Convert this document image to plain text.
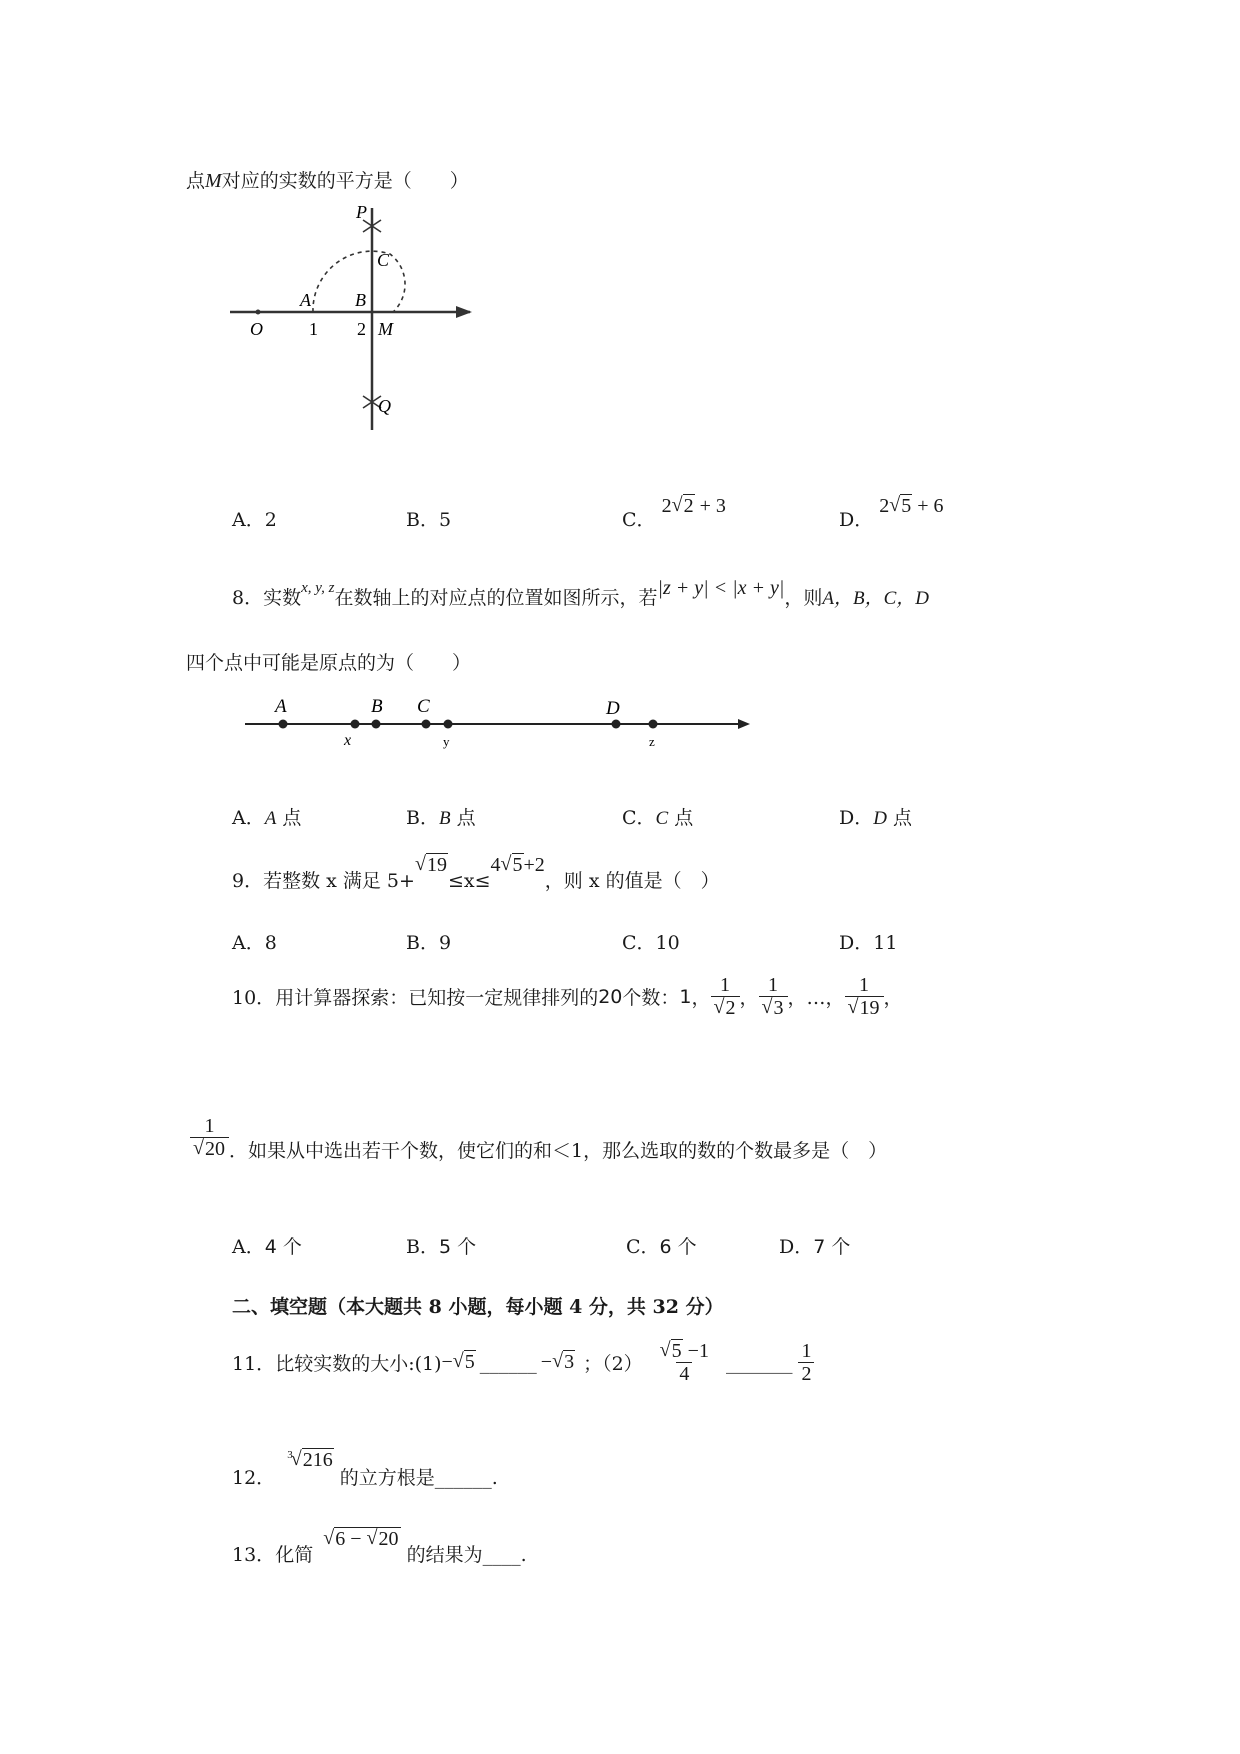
点M对应的实数的平方是（　　）
P
C
A B
O	1 2 M
Q
A．2	B．5	C． 2 √ 2 + 3
D． 2 √ 5 + 6
8．实数$^{x, y, z}$在数轴上的对应点的位置如图所示，若|z + y| < |x + y|，则A，B，C，D
四个点中可能是原点的为（　　）
A	B C	D
x	y	z
A．A 点	B．B 点	C．C 点	D．D 点
9．若整数 x 满足 5+√ 19≤x≤4 √ 5+2，则 x 的值是（　）
A．8	B．9	C．10	D．11
10． 用计算器探索：已知按一定规律排列的 20 个数： 1 ， 1
√ 2 ， 1
√ 3 ，…， 1
√ 19 ，
1
√ 20 ．如果从中选出若干个数，使它们的和＜1，那么选取的数的个数最多是（　）
A．4 个	B．5 个	C．6 个	D．7 个
二、填空题（本大题共 8 小题，每小题 4 分，共 32 分）
11． 比较实数的大小:(1) − √ 5 ______ − √ 3 ；（2） √ $\frac{5 -1}{4}$ _______ $\frac{1}{2}$
12． $^3$ √ 216 的立方根是______.
13．化简 √ 6 − √ 20 的结果为____.
